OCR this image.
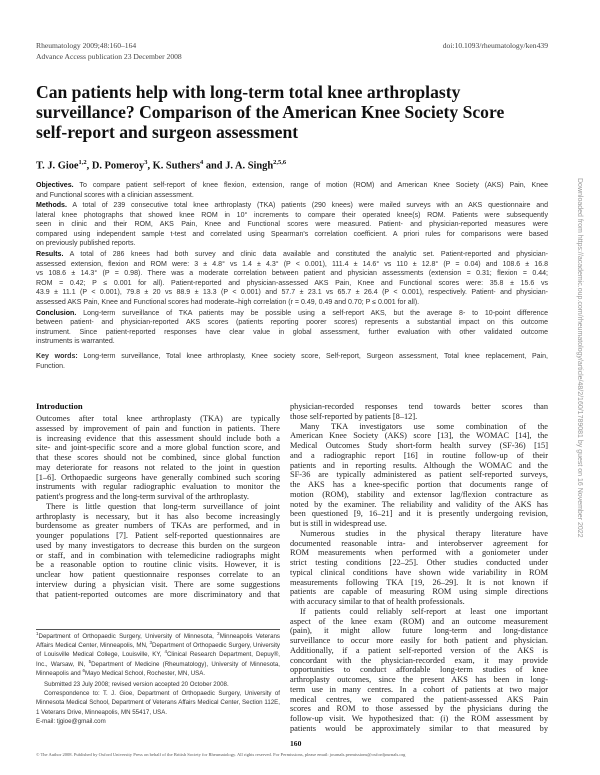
Rheumatology 2009;48:160–164
Advance Access publication 23 December 2008
doi:10.1093/rheumatology/ken439
Can patients help with long-term total knee arthroplasty
surveillance? Comparison of the American Knee Society Score
self-report and surgeon assessment
T. J. Gioe$^{1,2}$, D. Pomeroy$^3$, K. Suthers$^4$ and J. A. Singh$^{2,5,6}$
Objectives. To compare patient self-report of knee flexion, extension, range of motion (ROM) and American Knee Society (AKS) Pain, Knee
and Functional scores with a clinician assessment.
Methods. A total of 239 consecutive total knee arthroplasty (TKA) patients (290 knees) were mailed surveys with an AKS questionnaire and
lateral knee photographs that showed knee ROM in 10° increments to compare their operated knee(s) ROM. Patients were subsequently
seen in clinic and their ROM, AKS Pain, Knee and Functional scores were measured. Patient- and physician-reported measures were
compared using independent sample t-test and correlated using Spearman's correlation coefficient. A priori rules for comparisons were based
on previously published reports.
Results. A total of 286 knees had both survey and clinic data available and constituted the analytic set. Patient-reported and physician-
assessed extension, flexion and ROM were: 3 ± 4.8° vs 1.4 ± 4.3° (P < 0.001), 111.4 ± 14.6° vs 110 ± 12.8° (P = 0.04) and 108.6 ± 16.8
vs 108.6 ± 14.3° (P = 0.98). There was a moderate correlation between patient and physician assessments (extension = 0.31; flexion = 0.44;
ROM = 0.42; P ≤ 0.001 for all). Patient-reported and physician-assessed AKS Pain, Knee and Functional scores were: 35.8 ± 15.6 vs
43.9 ± 11.1 (P < 0.001), 79.8 ± 20 vs 88.9 ± 13.3 (P < 0.001) and 57.7 ± 23.1 vs 65.7 ± 26.4 (P < 0.001), respectively. Patient- and physician-
assessed AKS Pain, Knee and Functional scores had moderate–high correlation (r = 0.49, 0.49 and 0.70; P ≤ 0.001 for all).
Conclusion. Long-term surveillance of TKA patients may be possible using a self-report AKS, but the average 8- to 10-point difference
between patient- and physician-reported AKS scores (patients reporting poorer scores) represents a substantial impact on this outcome
instrument. Since patient-reported responses have clear value in global assessment, further evaluation with other validated outcome
instruments is warranted.
Key words: Long-term surveillance, Total knee arthroplasty, Knee society score, Self-report, Surgeon assessment, Total knee replacement, Pain,
Function.
Introduction
Outcomes after total knee arthroplasty (TKA) are typically
assessed by improvement of pain and function in patients. There
is increasing evidence that this assessment should include both a
site- and joint-specific score and a more global function score, and
that these scores should not be combined, since global function
may deteriorate for reasons not related to the joint in question
[1–6]. Orthopaedic surgeons have generally combined such scoring
instruments with regular radiographic evaluation to monitor the
patient's progress and the long-term survival of the arthroplasty.
There is little question that long-term surveillance of joint
arthroplasty is necessary, but it has also become increasingly
burdensome as greater numbers of TKAs are performed, and in
younger populations [7]. Patient self-reported questionnaires are
used by many investigators to decrease this burden on the surgeon
or staff, and in combination with telemedicine radiographs might
be a reasonable option to routine clinic visits. However, it is
unclear how patient questionnaire responses correlate to an
interview during a physician visit. There are some suggestions
that patient-reported outcomes are more discriminatory and that
physician-recorded responses tend towards better scores than
those self-reported by patients [8–12].
Many TKA investigators use some combination of the
American Knee Society (AKS) score [13], the WOMAC [14], the
Medical Outcomes Study short-form health survey (SF-36) [15]
and a radiographic report [16] in routine follow-up of their
patients and in reporting results. Although the WOMAC and the
SF-36 are typically administered as patient self-reported surveys,
the AKS has a knee-specific portion that documents range of
motion (ROM), stability and extensor lag/flexion contracture as
noted by the examiner. The reliability and validity of the AKS has
been questioned [9, 16–21] and it is presently undergoing revision,
but is still in widespread use.
Numerous studies in the physical therapy literature have
documented reasonable intra- and interobserver agreement for
ROM measurements when performed with a goniometer under
strict testing conditions [22–25]. Other studies conducted under
typical clinical conditions have shown wide variability in ROM
measurements following TKA [19, 26–29]. It is not known if
patients are capable of measuring ROM using simple directions
with accuracy similar to that of health professionals.
If patients could reliably self-report at least one important
aspect of the knee exam (ROM) and an outcome measurement
(pain), it might allow future long-term and long-distance
surveillance to occur more easily for both patient and physician.
Additionally, if a patient self-reported version of the AKS is
concordant with the physician-recorded exam, it may provide
opportunities to conduct affordable long-term studies of knee
arthroplasty outcomes, since the present AKS has been in long-
term use in many centres. In a cohort of patients at two major
medical centres, we compared the patient-assessed AKS Pain
scores and ROM to those assessed by the physicians during the
follow-up visit. We hypothesized that: (i) the ROM assessment by
patients would be approximately similar to that measured by
$^1$Department of Orthopaedic Surgery, University of Minnesota, $^2$Minneapolis Veterans Affairs Medical Center, Minneapolis, MN, $^3$Department of Orthopaedic Surgery, University of Louisville Medical College, Louisville, KY, $^4$Clinical Research Department, Depuy®, Inc., Warsaw, IN, $^5$Department of Medicine (Rheumatology), University of Minnesota, Minneapolis and $^6$Mayo Medical School, Rochester, MN, USA.
Submitted 23 July 2008; revised version accepted 20 October 2008.
Correspondence to: T. J. Gioe, Department of Orthopaedic Surgery, University of Minnesota Medical School, Department of Veterans Affairs Medical Center, Section 112E, 1 Veterans Drive, Minneapolis, MN 55417, USA.
E-mail: tjgioe@gmail.com
160
© The Author 2008. Published by Oxford University Press on behalf of the British Society for Rheumatology. All rights reserved. For Permissions, please email: journals.permissions@oxfordjournals.org
Downloaded from https://academic.oup.com/rheumatology/article/48/2/160/1789081 by guest on 16 November 2022
